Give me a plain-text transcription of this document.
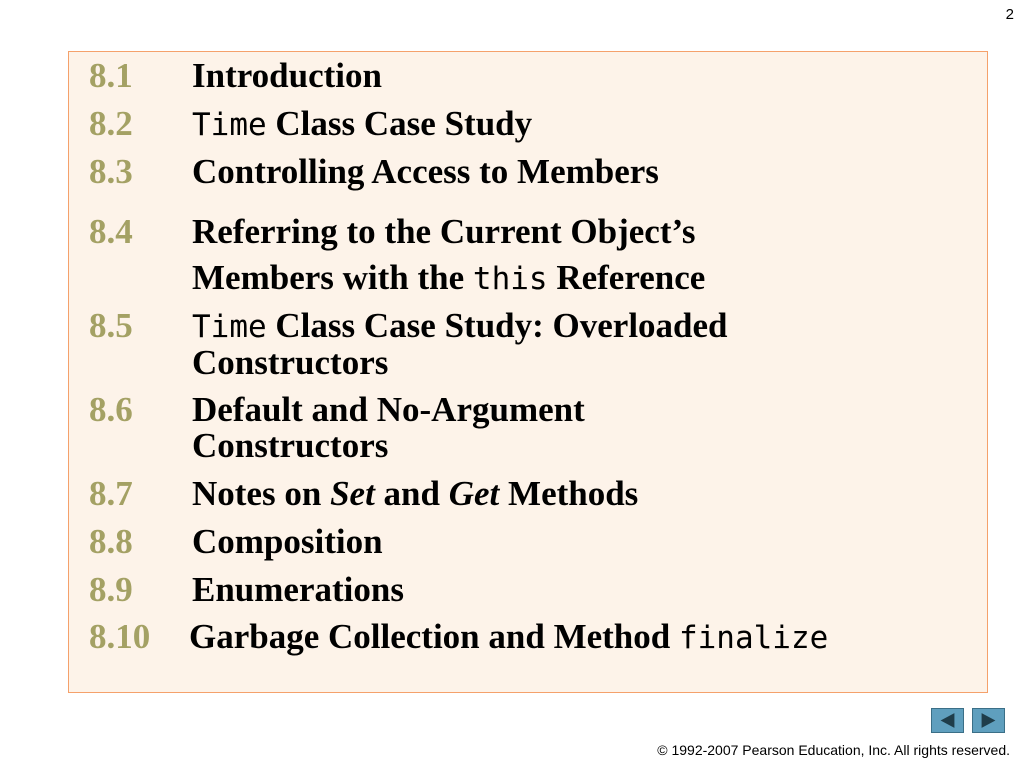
2
8.1 Introduction
8.2 Time Class Case Study
8.3 Controlling Access to Members
8.4 Referring to the Current Object’s
Members with the this Reference
8.5 Time Class Case Study: Overloaded
Constructors
8.6 Default and No-Argument
Constructors
8.7 Notes on Set and Get Methods
8.8 Composition
8.9 Enumerations
8.10 Garbage Collection and Method finalize
© 1992-2007 Pearson Education, Inc. All rights reserved.
